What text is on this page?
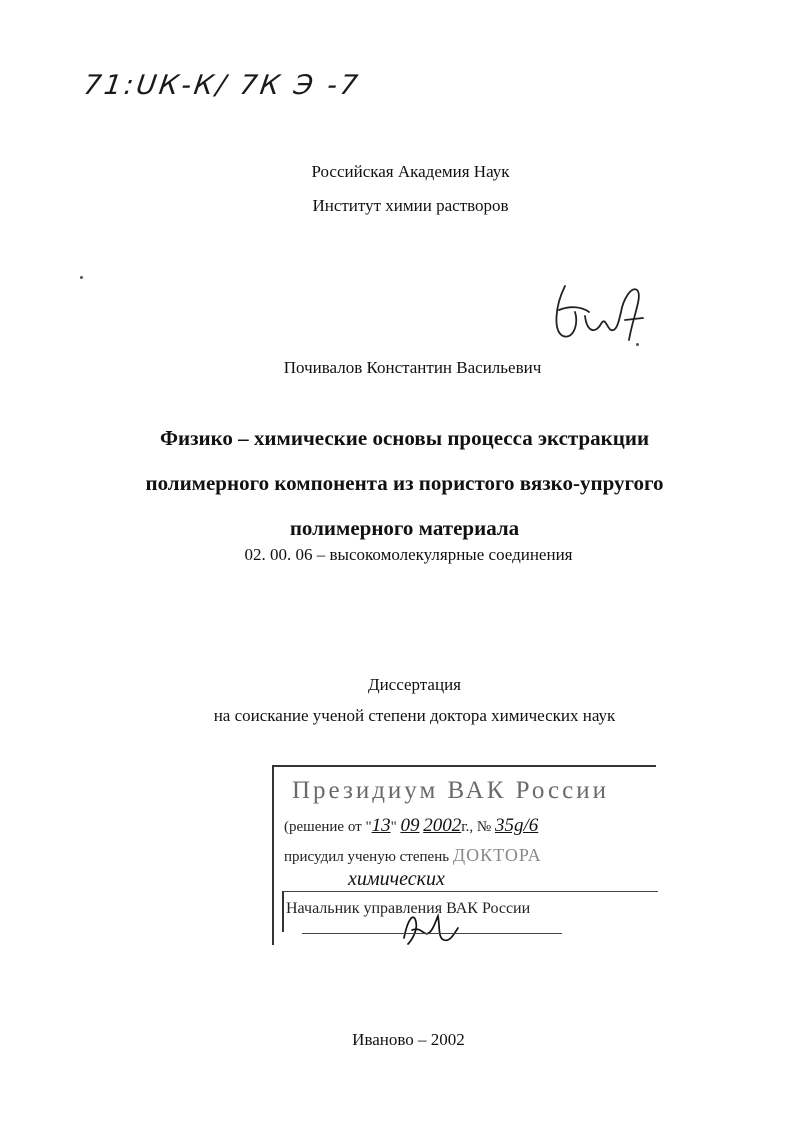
71:UК-К/ 7К Э -7
Российская Академия Наук
Институт химии растворов
Почивалов Константин Васильевич
Физико – химические основы процесса экстракции
полимерного компонента из пористого вязко-упругого
полимерного материала
02. 00. 06 – высокомолекулярные соединения
Диссертация
на соискание ученой степени доктора химических наук
Президиум ВАК России
(решение от "13" 09 2002г., № 35g/6
присудил ученую степень ДОКТОРА
химических
Начальник управления ВАК России
Иваново – 2002
